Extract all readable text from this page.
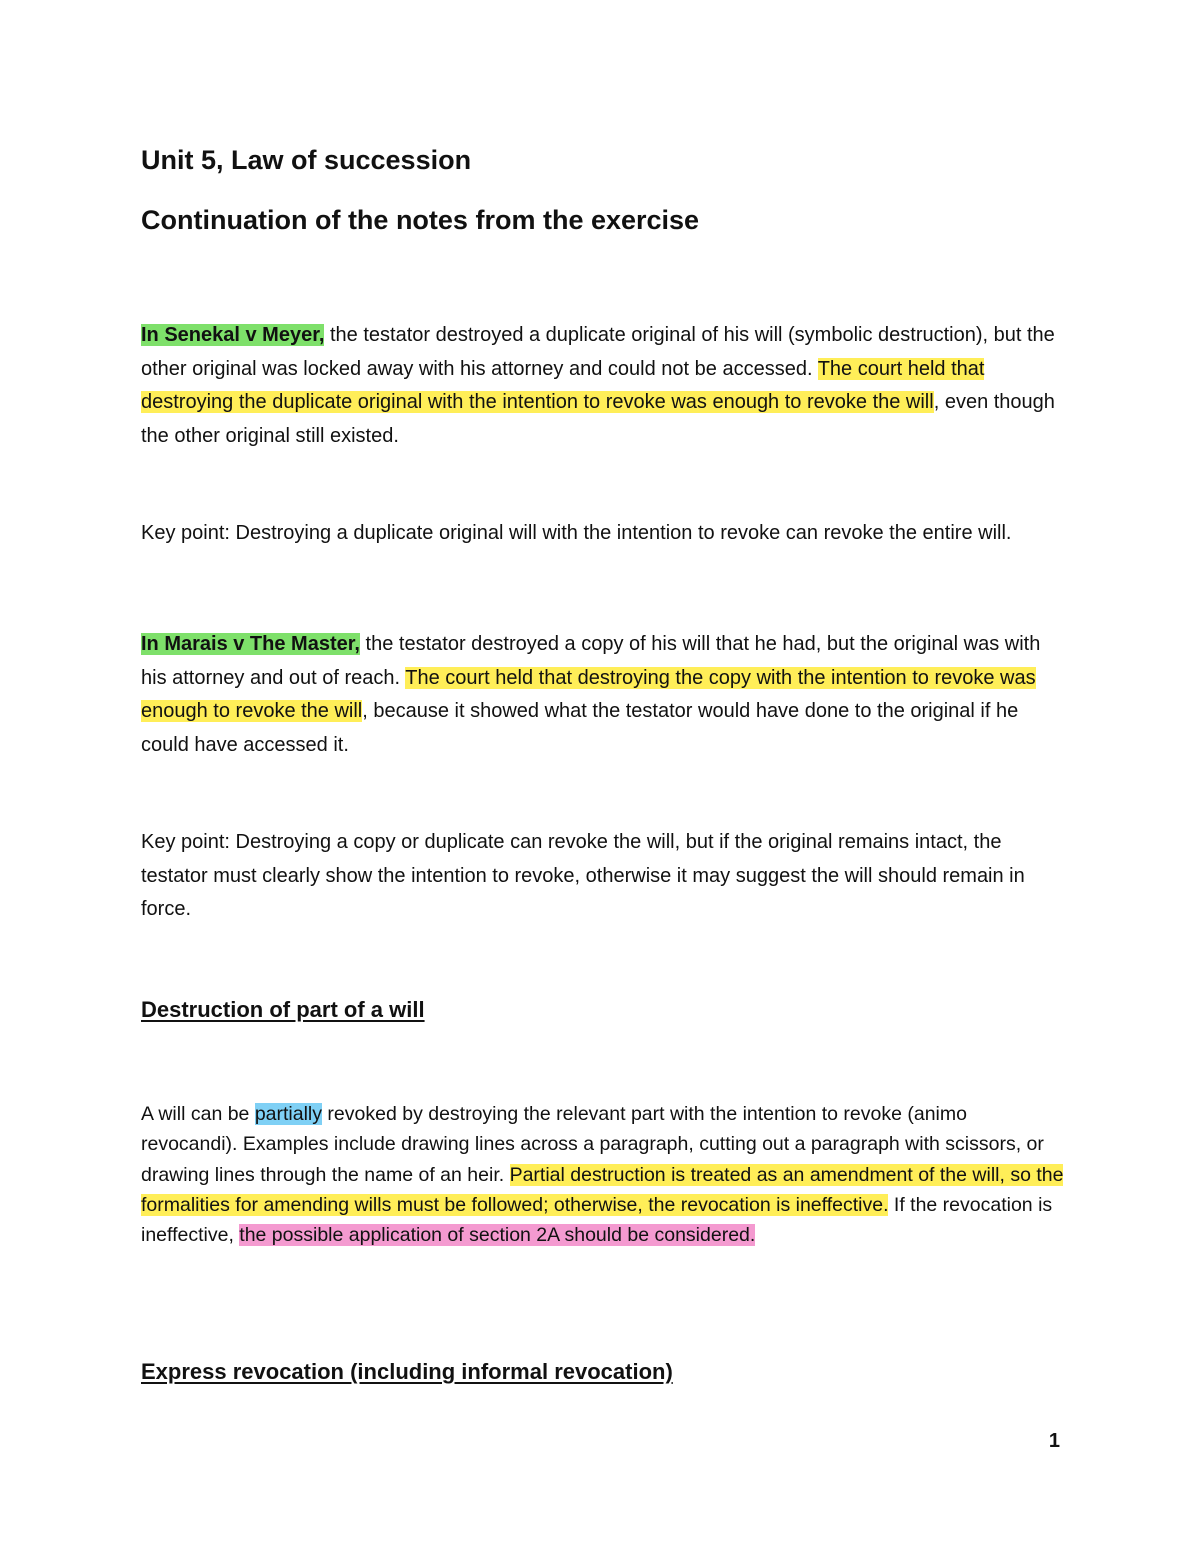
Unit 5, Law of succession
Continuation of the notes from the exercise

In Senekal v Meyer, the testator destroyed a duplicate original of his will (symbolic destruction), but the other original was locked away with his attorney and could not be accessed. The court held that destroying the duplicate original with the intention to revoke was enough to revoke the will, even though the other original still existed.

Key point: Destroying a duplicate original will with the intention to revoke can revoke the entire will.

In Marais v The Master, the testator destroyed a copy of his will that he had, but the original was with his attorney and out of reach. The court held that destroying the copy with the intention to revoke was enough to revoke the will, because it showed what the testator would have done to the original if he could have accessed it.

Key point: Destroying a copy or duplicate can revoke the will, but if the original remains intact, the testator must clearly show the intention to revoke, otherwise it may suggest the will should remain in force.

Destruction of part of a will

A will can be partially revoked by destroying the relevant part with the intention to revoke (animo revocandi). Examples include drawing lines across a paragraph, cutting out a paragraph with scissors, or drawing lines through the name of an heir. Partial destruction is treated as an amendment of the will, so the formalities for amending wills must be followed; otherwise, the revocation is ineffective. If the revocation is ineffective, the possible application of section 2A should be considered.

Express revocation (including informal revocation)
1
